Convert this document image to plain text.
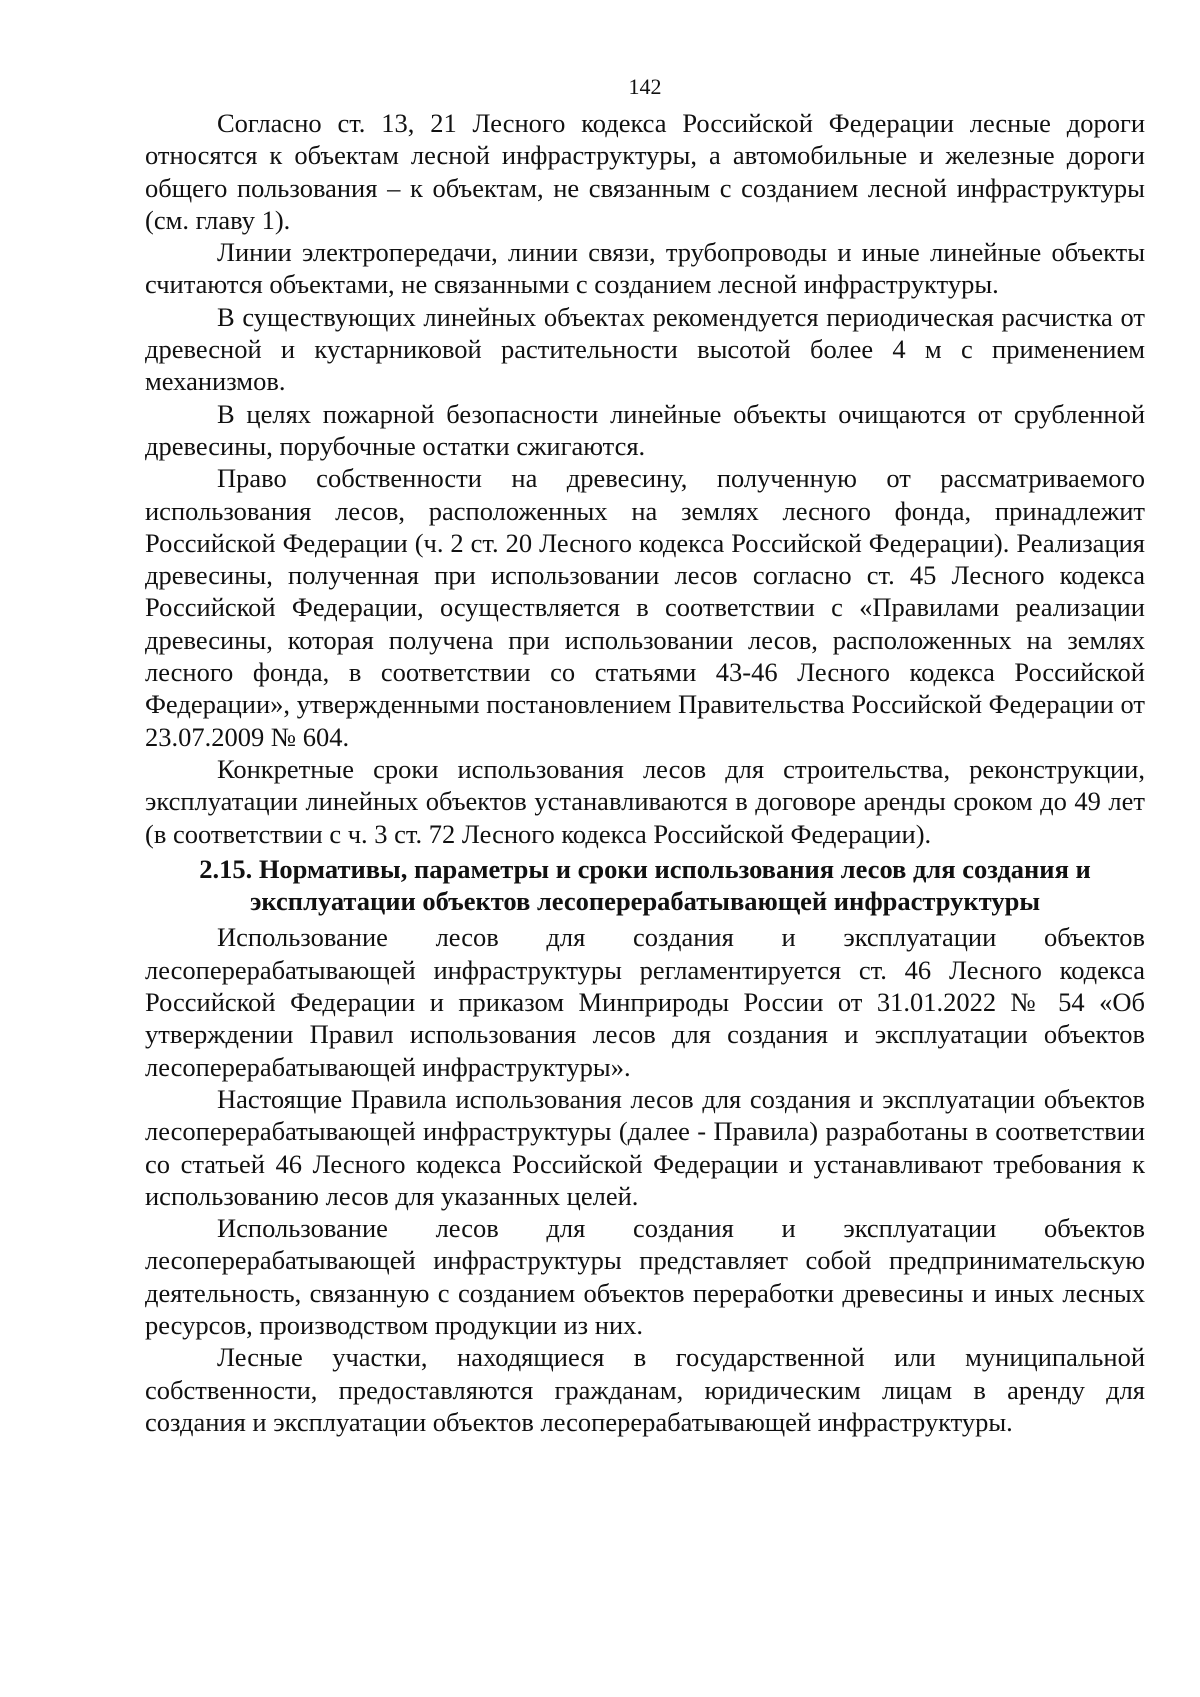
142

Согласно ст. 13, 21 Лесного кодекса Российской Федерации лесные дороги относятся к объектам лесной инфраструктуры, а автомобильные и железные дороги общего пользования – к объектам, не связанным с созданием лесной инфраструктуры (см. главу 1).

Линии электропередачи, линии связи, трубопроводы и иные линейные объекты считаются объектами, не связанными с созданием лесной инфраструктуры.

В существующих линейных объектах рекомендуется периодическая расчистка от древесной и кустарниковой растительности высотой более 4 м с применением механизмов.

В целях пожарной безопасности линейные объекты очищаются от срубленной древесины, порубочные остатки сжигаются.

Право собственности на древесину, полученную от рассматриваемого использования лесов, расположенных на землях лесного фонда, принадлежит Российской Федерации (ч. 2 ст. 20 Лесного кодекса Российской Федерации). Реализация древесины, полученная при использовании лесов согласно ст. 45 Лесного кодекса Российской Федерации, осуществляется в соответствии с «Правилами реализации древесины, которая получена при использовании лесов, расположенных на землях лесного фонда, в соответствии со статьями 43-46 Лесного кодекса Российской Федерации», утвержденными постановлением Правительства Российской Федерации от 23.07.2009 № 604.

Конкретные сроки использования лесов для строительства, реконструкции, эксплуатации линейных объектов устанавливаются в договоре аренды сроком до 49 лет (в соответствии с ч. 3 ст. 72 Лесного кодекса Российской Федерации).

2.15. Нормативы, параметры и сроки использования лесов для создания и
эксплуатации объектов лесоперерабатывающей инфраструктуры

Использование лесов для создания и эксплуатации объектов лесоперерабатывающей инфраструктуры регламентируется ст. 46 Лесного кодекса Российской Федерации и приказом Минприроды России от 31.01.2022 № 54 «Об утверждении Правил использования лесов для создания и эксплуатации объектов лесоперерабатывающей инфраструктуры».

Настоящие Правила использования лесов для создания и эксплуатации объектов лесоперерабатывающей инфраструктуры (далее - Правила) разработаны в соответствии со статьей 46 Лесного кодекса Российской Федерации и устанавливают требования к использованию лесов для указанных целей.

Использование лесов для создания и эксплуатации объектов лесоперерабатывающей инфраструктуры представляет собой предпринимательскую деятельность, связанную с созданием объектов переработки древесины и иных лесных ресурсов, производством продукции из них.

Лесные участки, находящиеся в государственной или муниципальной собственности, предоставляются гражданам, юридическим лицам в аренду для создания и эксплуатации объектов лесоперерабатывающей инфраструктуры.
